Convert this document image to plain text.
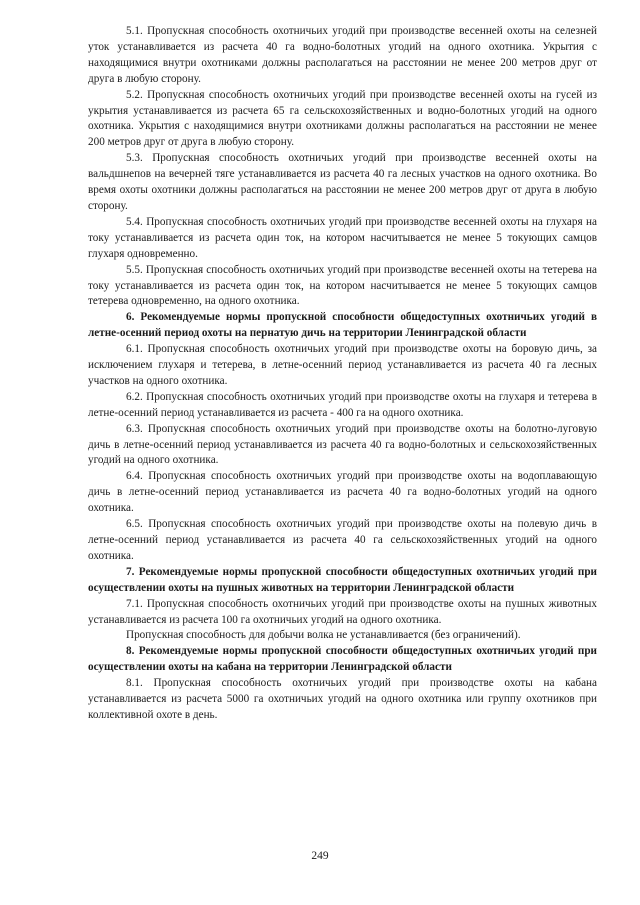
5.1. Пропускная способность охотничьих угодий при производстве весенней охоты на селезней уток устанавливается из расчета 40 га водно-болотных угодий на одного охотника. Укрытия с находящимися внутри охотниками должны располагаться на расстоянии не менее 200 метров друг от друга в любую сторону.

5.2. Пропускная способность охотничьих угодий при производстве весенней охоты на гусей из укрытия устанавливается из расчета 65 га сельскохозяйственных и водно-болотных угодий на одного охотника. Укрытия с находящимися внутри охотниками должны располагаться на расстоянии не менее 200 метров друг от друга в любую сторону.

5.3. Пропускная способность охотничьих угодий при производстве весенней охоты на вальдшнепов на вечерней тяге устанавливается из расчета 40 га лесных участков на одного охотника. Во время охоты охотники должны располагаться на расстоянии не менее 200 метров друг от друга в любую сторону.

5.4. Пропускная способность охотничьих угодий при производстве весенней охоты на глухаря на току устанавливается из расчета один ток, на котором насчитывается не менее 5 токующих самцов глухаря одновременно.

5.5. Пропускная способность охотничьих угодий при производстве весенней охоты на тетерева на току устанавливается из расчета один ток, на котором насчитывается не менее 5 токующих самцов тетерева одновременно, на одного охотника.

6. Рекомендуемые нормы пропускной способности общедоступных охотничьих угодий в летне-осенний период охоты на пернатую дичь на территории Ленинградской области

6.1. Пропускная способность охотничьих угодий при производстве охоты на боровую дичь, за исключением глухаря и тетерева, в летне-осенний период устанавливается из расчета 40 га лесных участков на одного охотника.

6.2. Пропускная способность охотничьих угодий при производстве охоты на глухаря и тетерева в летне-осенний период устанавливается из расчета - 400 га на одного охотника.

6.3. Пропускная способность охотничьих угодий при производстве охоты на болотно-луговую дичь в летне-осенний период устанавливается из расчета 40 га водно-болотных и сельскохозяйственных угодий на одного охотника.

6.4. Пропускная способность охотничьих угодий при производстве охоты на водоплавающую дичь в летне-осенний период устанавливается из расчета 40 га водно-болотных угодий на одного охотника.

6.5. Пропускная способность охотничьих угодий при производстве охоты на полевую дичь в летне-осенний период устанавливается из расчета 40 га сельскохозяйственных угодий на одного охотника.

7. Рекомендуемые нормы пропускной способности общедоступных охотничьих угодий при осуществлении охоты на пушных животных на территории Ленинградской области

7.1. Пропускная способность охотничьих угодий при производстве охоты на пушных животных устанавливается из расчета 100 га охотничьих угодий на одного охотника.

Пропускная способность для добычи волка не устанавливается (без ограничений).

8. Рекомендуемые нормы пропускной способности общедоступных охотничьих угодий при осуществлении охоты на кабана на территории Ленинградской области

8.1. Пропускная способность охотничьих угодий при производстве охоты на кабана устанавливается из расчета 5000 га охотничьих угодий на одного охотника или группу охотников при коллективной охоте в день.

249
